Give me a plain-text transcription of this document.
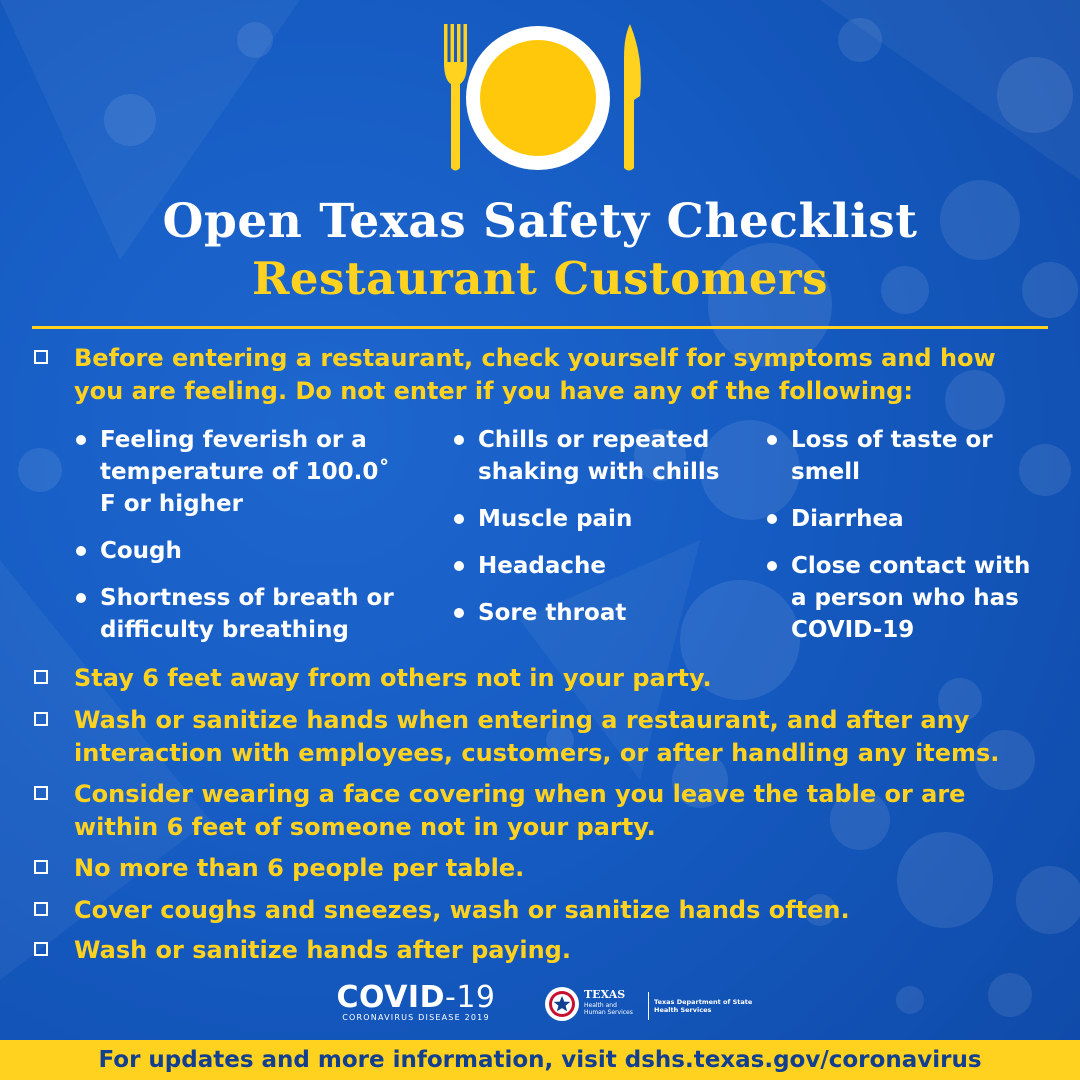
Open Texas Safety Checklist
Restaurant Customers
Before entering a restaurant, check yourself for symptoms and how you are feeling. Do not enter if you have any of the following:
Feeling feverish or a temperature of 100.0˚ F or higher
Cough
Shortness of breath or difficulty breathing
Chills or repeated shaking with chills
Muscle pain
Headache
Sore throat
Loss of taste or smell
Diarrhea
Close contact with a person who has COVID-19
Stay 6 feet away from others not in your party.
Wash or sanitize hands when entering a restaurant, and after any interaction with employees, customers, or after handling any items.
Consider wearing a face covering when you leave the table or are within 6 feet of someone not in your party.
No more than 6 people per table.
Cover coughs and sneezes, wash or sanitize hands often.
Wash or sanitize hands after paying.
COVID-19
CORONAVIRUS DISEASE 2019
TEXAS
Health and Human Services
Texas Department of State Health Services
For updates and more information, visit dshs.texas.gov/coronavirus
